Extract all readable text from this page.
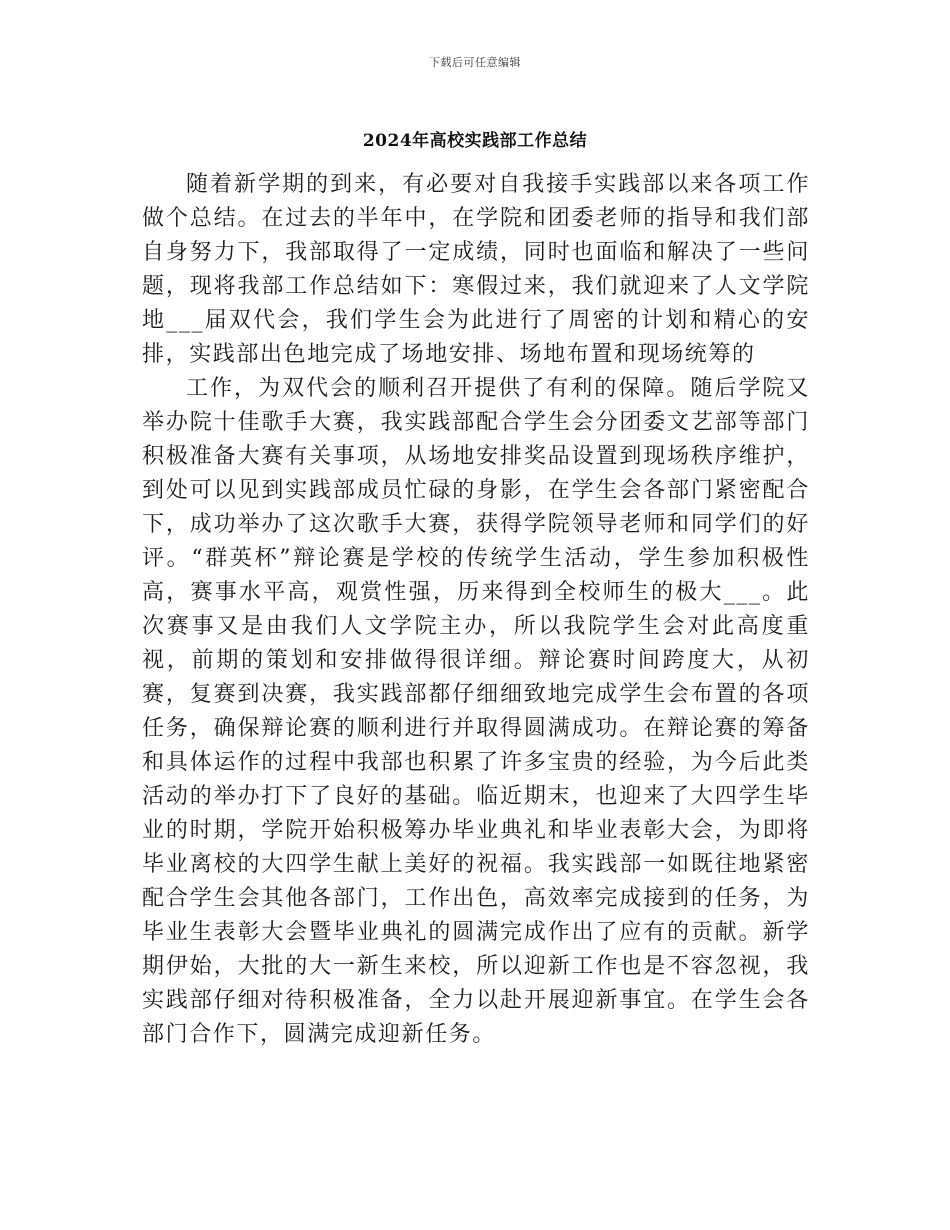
下载后可任意编辑
2024年高校实践部工作总结

随着新学期的到来，有必要对自我接手实践部以来各项工作做个总结。在过去的半年中，在学院和团委老师的指导和我们部自身努力下，我部取得了一定成绩，同时也面临和解决了一些问题，现将我部工作总结如下：寒假过来，我们就迎来了人文学院地___届双代会，我们学生会为此进行了周密的计划和精心的安排，实践部出色地完成了场地安排、场地布置和现场统筹的

工作，为双代会的顺利召开提供了有利的保障。随后学院又举办院十佳歌手大赛，我实践部配合学生会分团委文艺部等部门积极准备大赛有关事项，从场地安排奖品设置到现场秩序维护，到处可以见到实践部成员忙碌的身影，在学生会各部门紧密配合下，成功举办了这次歌手大赛，获得学院领导老师和同学们的好评。“群英杯”辩论赛是学校的传统学生活动，学生参加积极性高，赛事水平高，观赏性强，历来得到全校师生的极大___。此次赛事又是由我们人文学院主办，所以我院学生会对此高度重视，前期的策划和安排做得很详细。辩论赛时间跨度大，从初赛，复赛到决赛，我实践部都仔细细致地完成学生会布置的各项任务，确保辩论赛的顺利进行并取得圆满成功。在辩论赛的筹备和具体运作的过程中我部也积累了许多宝贵的经验，为今后此类活动的举办打下了良好的基础。临近期末，也迎来了大四学生毕业的时期，学院开始积极筹办毕业典礼和毕业表彰大会，为即将毕业离校的大四学生献上美好的祝福。我实践部一如既往地紧密配合学生会其他各部门，工作出色，高效率完成接到的任务，为毕业生表彰大会暨毕业典礼的圆满完成作出了应有的贡献。新学期伊始，大批的大一新生来校，所以迎新工作也是不容忽视，我实践部仔细对待积极准备，全力以赴开展迎新事宜。在学生会各部门合作下，圆满完成迎新任务。
